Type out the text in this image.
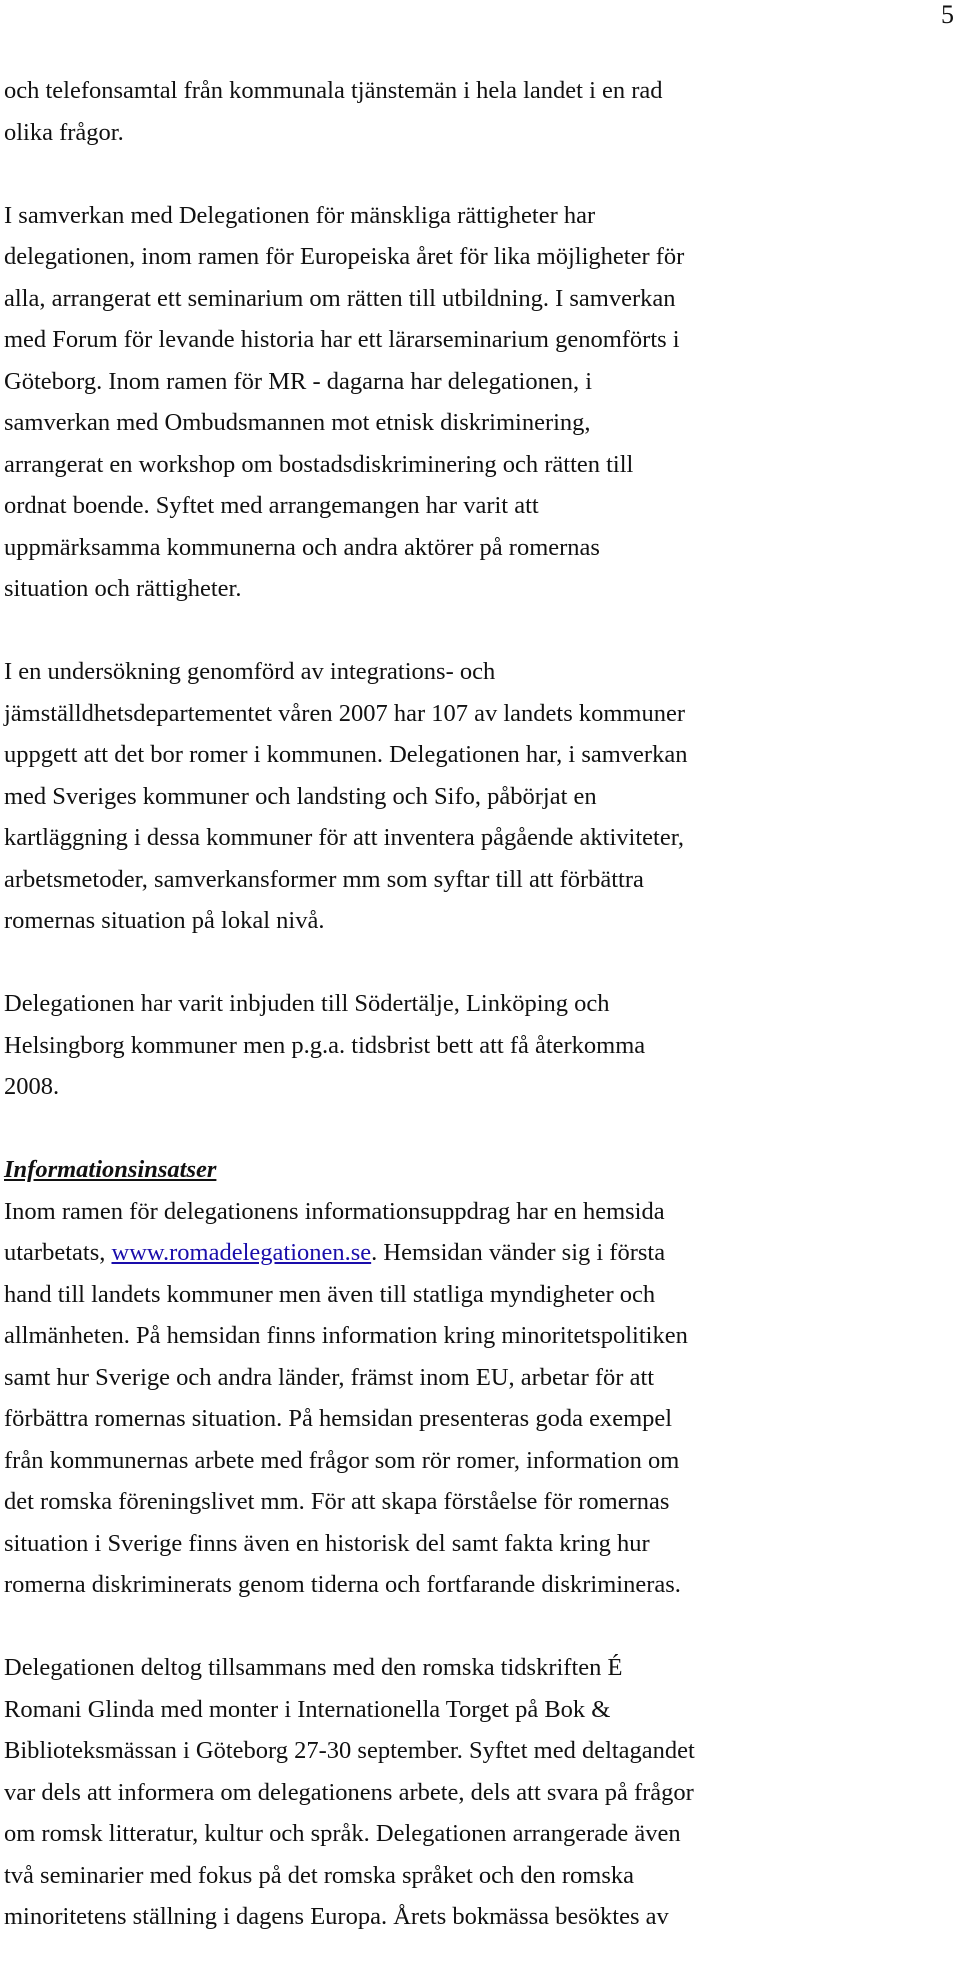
5
och telefonsamtal från kommunala tjänstemän i hela landet i en rad
olika frågor.
I samverkan med Delegationen för mänskliga rättigheter har
delegationen, inom ramen för Europeiska året för lika möjligheter för
alla, arrangerat ett seminarium om rätten till utbildning. I samverkan
med Forum för levande historia har ett lärarseminarium genomförts i
Göteborg. Inom ramen för MR - dagarna har delegationen, i
samverkan med Ombudsmannen mot etnisk diskriminering,
arrangerat en workshop om bostadsdiskriminering och rätten till
ordnat boende. Syftet med arrangemangen har varit att
uppmärksamma kommunerna och andra aktörer på romernas
situation och rättigheter.
I en undersökning genomförd av integrations- och
jämställdhetsdepartementet våren 2007 har 107 av landets kommuner
uppgett att det bor romer i kommunen. Delegationen har, i samverkan
med Sveriges kommuner och landsting och Sifo, påbörjat en
kartläggning i dessa kommuner för att inventera pågående aktiviteter,
arbetsmetoder, samverkansformer mm som syftar till att förbättra
romernas situation på lokal nivå.
Delegationen har varit inbjuden till Södertälje, Linköping och
Helsingborg kommuner men p.g.a. tidsbrist bett att få återkomma
2008.
Informationsinsatser
Inom ramen för delegationens informationsuppdrag har en hemsida
utarbetats, www.romadelegationen.se. Hemsidan vänder sig i första
hand till landets kommuner men även till statliga myndigheter och
allmänheten. På hemsidan finns information kring minoritetspolitiken
samt hur Sverige och andra länder, främst inom EU, arbetar för att
förbättra romernas situation. På hemsidan presenteras goda exempel
från kommunernas arbete med frågor som rör romer, information om
det romska föreningslivet mm. För att skapa förståelse för romernas
situation i Sverige finns även en historisk del samt fakta kring hur
romerna diskriminerats genom tiderna och fortfarande diskrimineras.
Delegationen deltog tillsammans med den romska tidskriften É
Romani Glinda med monter i Internationella Torget på Bok &
Biblioteksmässan i Göteborg 27-30 september. Syftet med deltagandet
var dels att informera om delegationens arbete, dels att svara på frågor
om romsk litteratur, kultur och språk. Delegationen arrangerade även
två seminarier med fokus på det romska språket och den romska
minoritetens ställning i dagens Europa. Årets bokmässa besöktes av
